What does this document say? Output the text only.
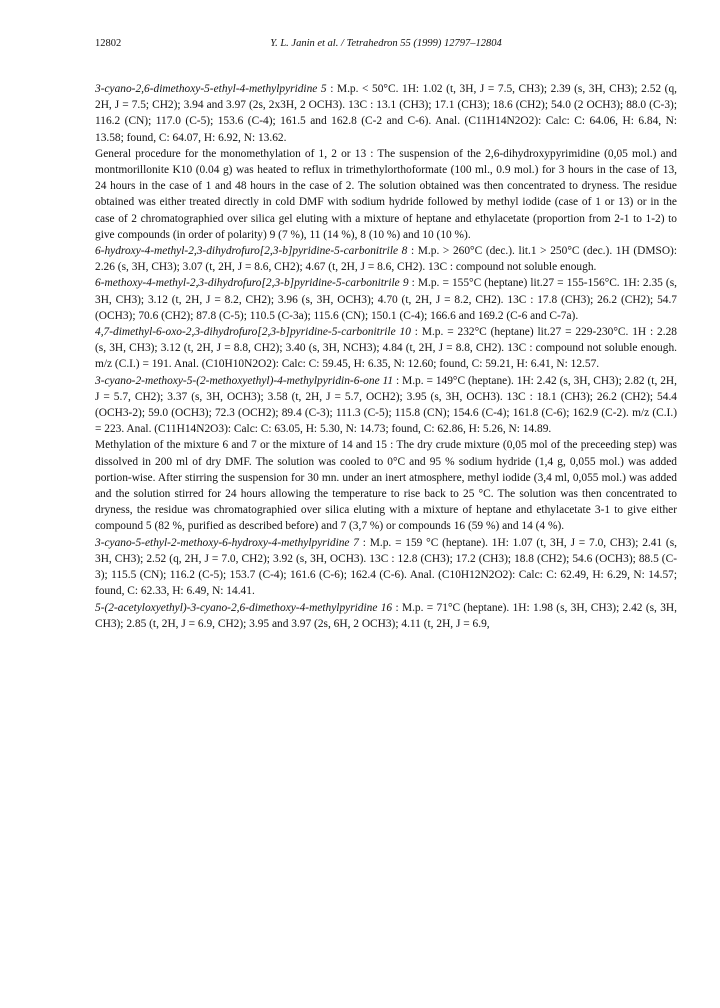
12802	Y. L. Janin et al. / Tetrahedron 55 (1999) 12797–12804

3-cyano-2,6-dimethoxy-5-ethyl-4-methylpyridine 5 : M.p. < 50°C. 1H: 1.02 (t, 3H, J = 7.5, CH3); 2.39 (s, 3H, CH3); 2.52 (q, 2H, J = 7.5; CH2); 3.94 and 3.97 (2s, 2x3H, 2 OCH3). 13C : 13.1 (CH3); 17.1 (CH3); 18.6 (CH2); 54.0 (2 OCH3); 88.0 (C-3); 116.2 (CN); 117.0 (C-5); 153.6 (C-4); 161.5 and 162.8 (C-2 and C-6). Anal. (C11H14N2O2): Calc: C: 64.06, H: 6.84, N: 13.58; found, C: 64.07, H: 6.92, N: 13.62.

General procedure for the monomethylation of 1, 2 or 13 : The suspension of the 2,6-dihydroxypyrimidine (0,05 mol.) and montmorillonite K10 (0.04 g) was heated to reflux in trimethylorthoformate (100 ml., 0.9 mol.) for 3 hours in the case of 13, 24 hours in the case of 1 and 48 hours in the case of 2. The solution obtained was then concentrated to dryness. The residue obtained was either treated directly in cold DMF with sodium hydride followed by methyl iodide (case of 1 or 13) or in the case of 2 chromatographied over silica gel eluting with a mixture of heptane and ethylacetate (proportion from 2-1 to 1-2) to give compounds (in order of polarity) 9 (7 %), 11 (14 %), 8 (10 %) and 10 (10 %).

6-hydroxy-4-methyl-2,3-dihydrofuro[2,3-b]pyridine-5-carbonitrile 8 : M.p. > 260°C (dec.). lit.1 > 250°C (dec.). 1H (DMSO): 2.26 (s, 3H, CH3); 3.07 (t, 2H, J = 8.6, CH2); 4.67 (t, 2H, J = 8.6, CH2). 13C : compound not soluble enough.

6-methoxy-4-methyl-2,3-dihydrofuro[2,3-b]pyridine-5-carbonitrile 9 : M.p. = 155°C (heptane) lit.27 = 155-156°C. 1H: 2.35 (s, 3H, CH3); 3.12 (t, 2H, J = 8.2, CH2); 3.96 (s, 3H, OCH3); 4.70 (t, 2H, J = 8.2, CH2). 13C : 17.8 (CH3); 26.2 (CH2); 54.7 (OCH3); 70.6 (CH2); 87.8 (C-5); 110.5 (C-3a); 115.6 (CN); 150.1 (C-4); 166.6 and 169.2 (C-6 and C-7a).

4,7-dimethyl-6-oxo-2,3-dihydrofuro[2,3-b]pyridine-5-carbonitrile 10 : M.p. = 232°C (heptane) lit.27 = 229-230°C. 1H : 2.28 (s, 3H, CH3); 3.12 (t, 2H, J = 8.8, CH2); 3.40 (s, 3H, NCH3); 4.84 (t, 2H, J = 8.8, CH2). 13C : compound not soluble enough. m/z (C.I.) = 191. Anal. (C10H10N2O2): Calc: C: 59.45, H: 6.35, N: 12.60; found, C: 59.21, H: 6.41, N: 12.57.

3-cyano-2-methoxy-5-(2-methoxyethyl)-4-methylpyridin-6-one 11 : M.p. = 149°C (heptane). 1H: 2.42 (s, 3H, CH3); 2.82 (t, 2H, J = 5.7, CH2); 3.37 (s, 3H, OCH3); 3.58 (t, 2H, J = 5.7, OCH2); 3.95 (s, 3H, OCH3). 13C : 18.1 (CH3); 26.2 (CH2); 54.4 (OCH3-2); 59.0 (OCH3); 72.3 (OCH2); 89.4 (C-3); 111.3 (C-5); 115.8 (CN); 154.6 (C-4); 161.8 (C-6); 162.9 (C-2). m/z (C.I.) = 223. Anal. (C11H14N2O3): Calc: C: 63.05, H: 5.30, N: 14.73; found, C: 62.86, H: 5.26, N: 14.89.

Methylation of the mixture 6 and 7 or the mixture of 14 and 15 : The dry crude mixture (0,05 mol of the preceeding step) was dissolved in 200 ml of dry DMF. The solution was cooled to 0°C and 95 % sodium hydride (1,4 g, 0,055 mol.) was added portion-wise. After stirring the suspension for 30 mn. under an inert atmosphere, methyl iodide (3,4 ml, 0,055 mol.) was added and the solution stirred for 24 hours allowing the temperature to rise back to 25 °C. The solution was then concentrated to dryness, the residue was chromatographied over silica eluting with a mixture of heptane and ethylacetate 3-1 to give either compound 5 (82 %, purified as described before) and 7 (3,7 %) or compounds 16 (59 %) and 14 (4 %).

3-cyano-5-ethyl-2-methoxy-6-hydroxy-4-methylpyridine 7 : M.p. = 159 °C (heptane). 1H: 1.07 (t, 3H, J = 7.0, CH3); 2.41 (s, 3H, CH3); 2.52 (q, 2H, J = 7.0, CH2); 3.92 (s, 3H, OCH3). 13C : 12.8 (CH3); 17.2 (CH3); 18.8 (CH2); 54.6 (OCH3); 88.5 (C-3); 115.5 (CN); 116.2 (C-5); 153.7 (C-4); 161.6 (C-6); 162.4 (C-6). Anal. (C10H12N2O2): Calc: C: 62.49, H: 6.29, N: 14.57; found, C: 62.33, H: 6.49, N: 14.41.

5-(2-acetyloxyethyl)-3-cyano-2,6-dimethoxy-4-methylpyridine 16 : M.p. = 71°C (heptane). 1H: 1.98 (s, 3H, CH3); 2.42 (s, 3H, CH3); 2.85 (t, 2H, J = 6.9, CH2); 3.95 and 3.97 (2s, 6H, 2 OCH3); 4.11 (t, 2H, J = 6.9,
